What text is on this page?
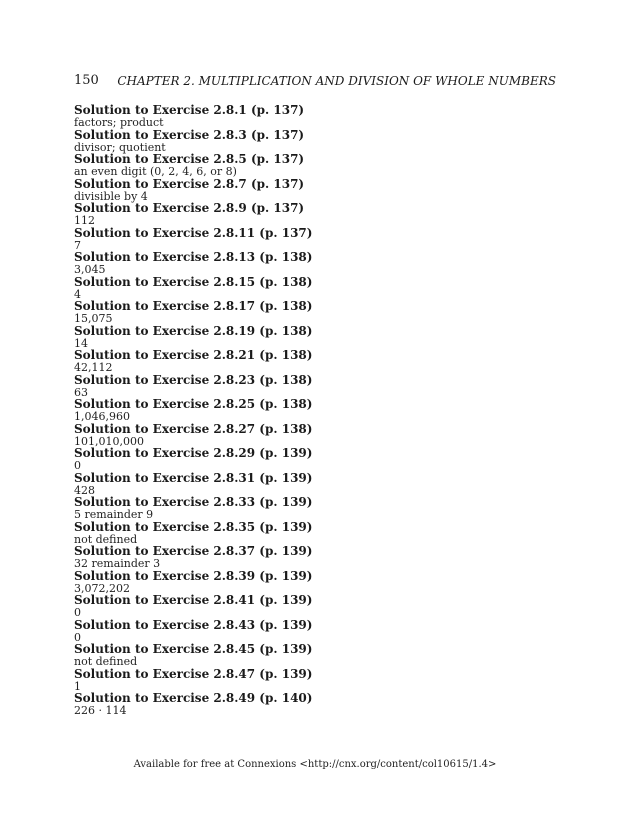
150 CHAPTER 2. MULTIPLICATION AND DIVISION OF WHOLE NUMBERS
Solution to Exercise 2.8.1 (p. 137)
factors; product
Solution to Exercise 2.8.3 (p. 137)
divisor; quotient
Solution to Exercise 2.8.5 (p. 137)
an even digit (0, 2, 4, 6, or 8)
Solution to Exercise 2.8.7 (p. 137)
divisible by 4
Solution to Exercise 2.8.9 (p. 137)
112
Solution to Exercise 2.8.11 (p. 137)
7
Solution to Exercise 2.8.13 (p. 138)
3,045
Solution to Exercise 2.8.15 (p. 138)
4
Solution to Exercise 2.8.17 (p. 138)
15,075
Solution to Exercise 2.8.19 (p. 138)
14
Solution to Exercise 2.8.21 (p. 138)
42,112
Solution to Exercise 2.8.23 (p. 138)
63
Solution to Exercise 2.8.25 (p. 138)
1,046,960
Solution to Exercise 2.8.27 (p. 138)
101,010,000
Solution to Exercise 2.8.29 (p. 139)
0
Solution to Exercise 2.8.31 (p. 139)
428
Solution to Exercise 2.8.33 (p. 139)
5 remainder 9
Solution to Exercise 2.8.35 (p. 139)
not defined
Solution to Exercise 2.8.37 (p. 139)
32 remainder 3
Solution to Exercise 2.8.39 (p. 139)
3,072,202
Solution to Exercise 2.8.41 (p. 139)
0
Solution to Exercise 2.8.43 (p. 139)
0
Solution to Exercise 2.8.45 (p. 139)
not defined
Solution to Exercise 2.8.47 (p. 139)
1
Solution to Exercise 2.8.49 (p. 140)
226 · 114
Available for free at Connexions <http://cnx.org/content/col10615/1.4>
